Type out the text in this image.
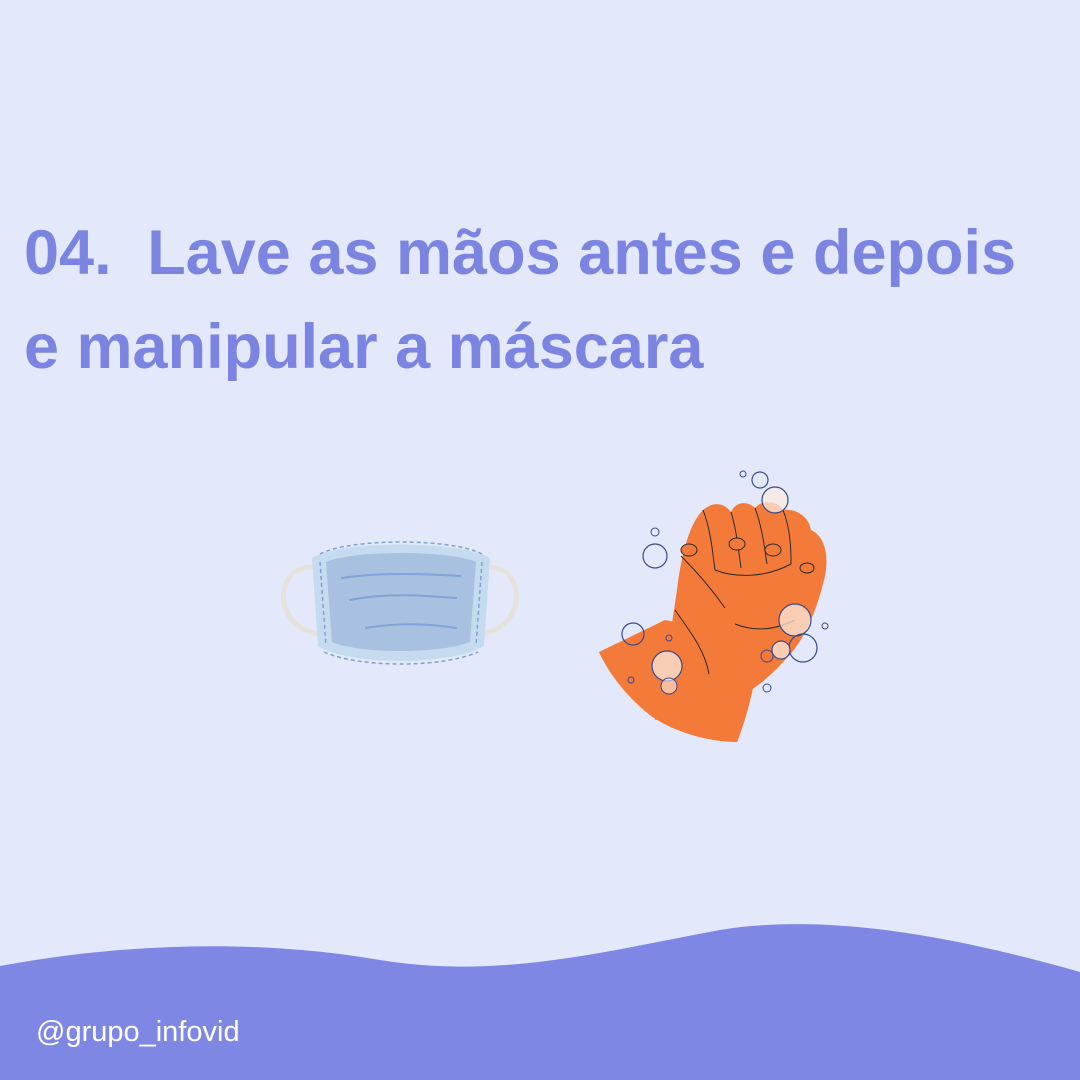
04. Lave as mãos antes e depois e manipular a máscara

@grupo_infovid
